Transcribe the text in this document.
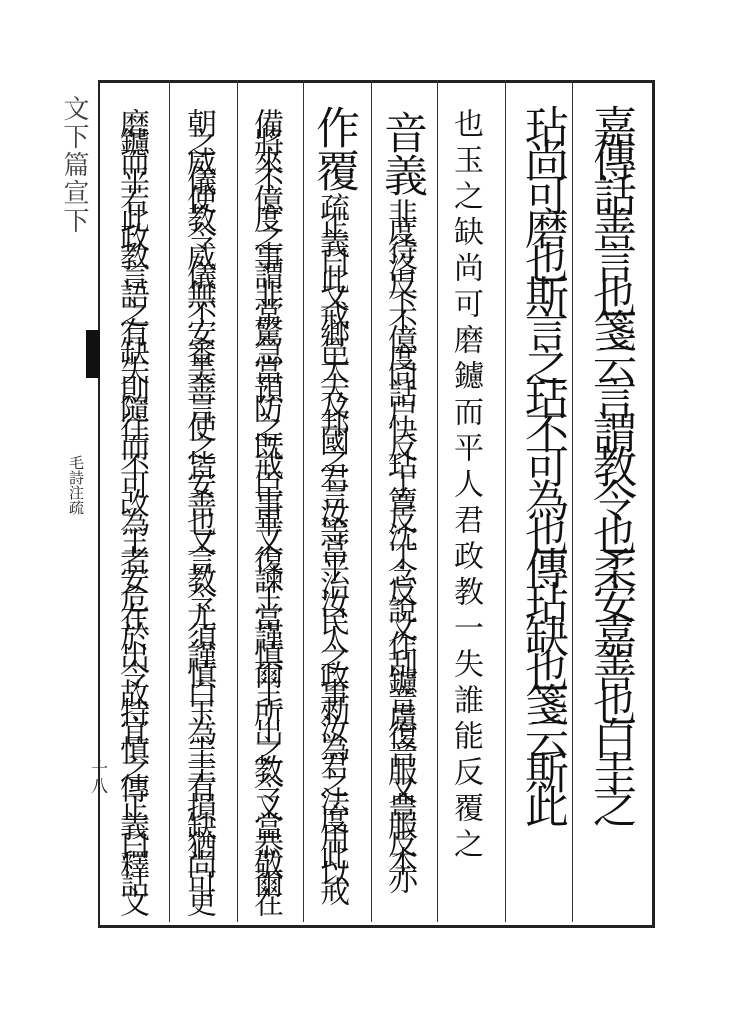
嘉傳話善言也箋云言謂教令也柔安嘉善也白圭之
玷尚可磨也斯言之玷不可為也傳玷缺也箋云斯此
也玉之缺尚可磨鑢而平人君政教一失誰能反覆之
音義
非度待洛反下不億度同話户快反玷丁簟反沈丁念反說文作刮鑢音慮復音服又豊服反本亦
作覆
疏正義曰此又戒鄉邑大夫及邦國之君言汝等當平治汝民人之政事勑汝為君之法度用此以戒
備將來不億度之事謂非常驚急當預防之既戒臣事畢又復諫王當謹慎爾王所出之教令又當恭敬爾在
朝之威儀使教令威儀無不安審美善言使之皆安善也又言教令尤須謹慎白玉為圭圭有損缺猶尚可更
磨鑢而平若此政教言語之有缺失則隨往而不可改為王者安危在於出令故特宜慎之傳正義曰釋詁文
文下篇宣下
毛詩注疏
十八
